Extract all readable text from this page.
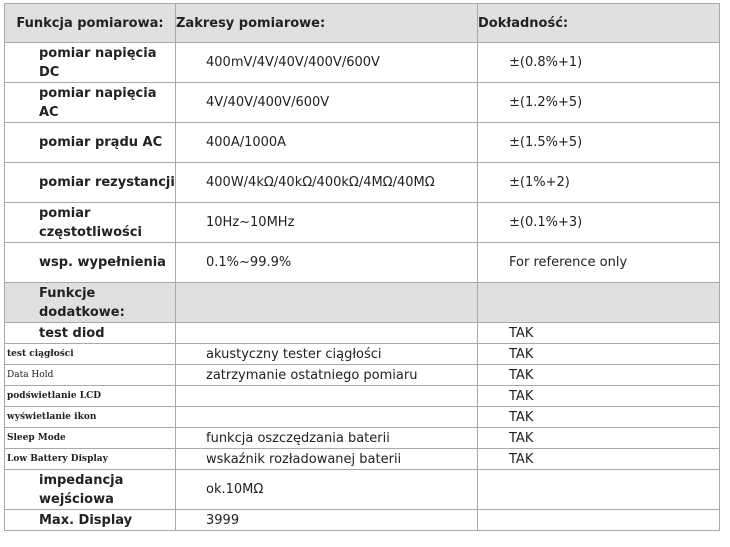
Funkcja pomiarowa:	Zakresy pomiarowe:	Dokładność:
pomiar napięcia DC	400mV/4V/40V/400V/600V	±(0.8%+1)
pomiar napięcia AC	4V/40V/400V/600V	±(1.2%+5)
pomiar prądu AC	400A/1000A	±(1.5%+5)
pomiar rezystancji	400W/4kΩ/40kΩ/400kΩ/4MΩ/40MΩ	±(1%+2)
pomiar częstotliwości	10Hz~10MHz	±(0.1%+3)
wsp. wypełnienia	0.1%~99.9%	For reference only
Funkcje dodatkowe:		
test diod		TAK
test ciągłości	akustyczny tester ciągłości	TAK
Data Hold	zatrzymanie ostatniego pomiaru	TAK
podświetlanie LCD		TAK
wyświetlanie ikon		TAK
Sleep Mode	funkcja oszczędzania baterii	TAK
Low Battery Display	wskaźnik rozładowanej baterii	TAK
impedancja wejściowa	ok.10MΩ	
Max. Display	3999	
